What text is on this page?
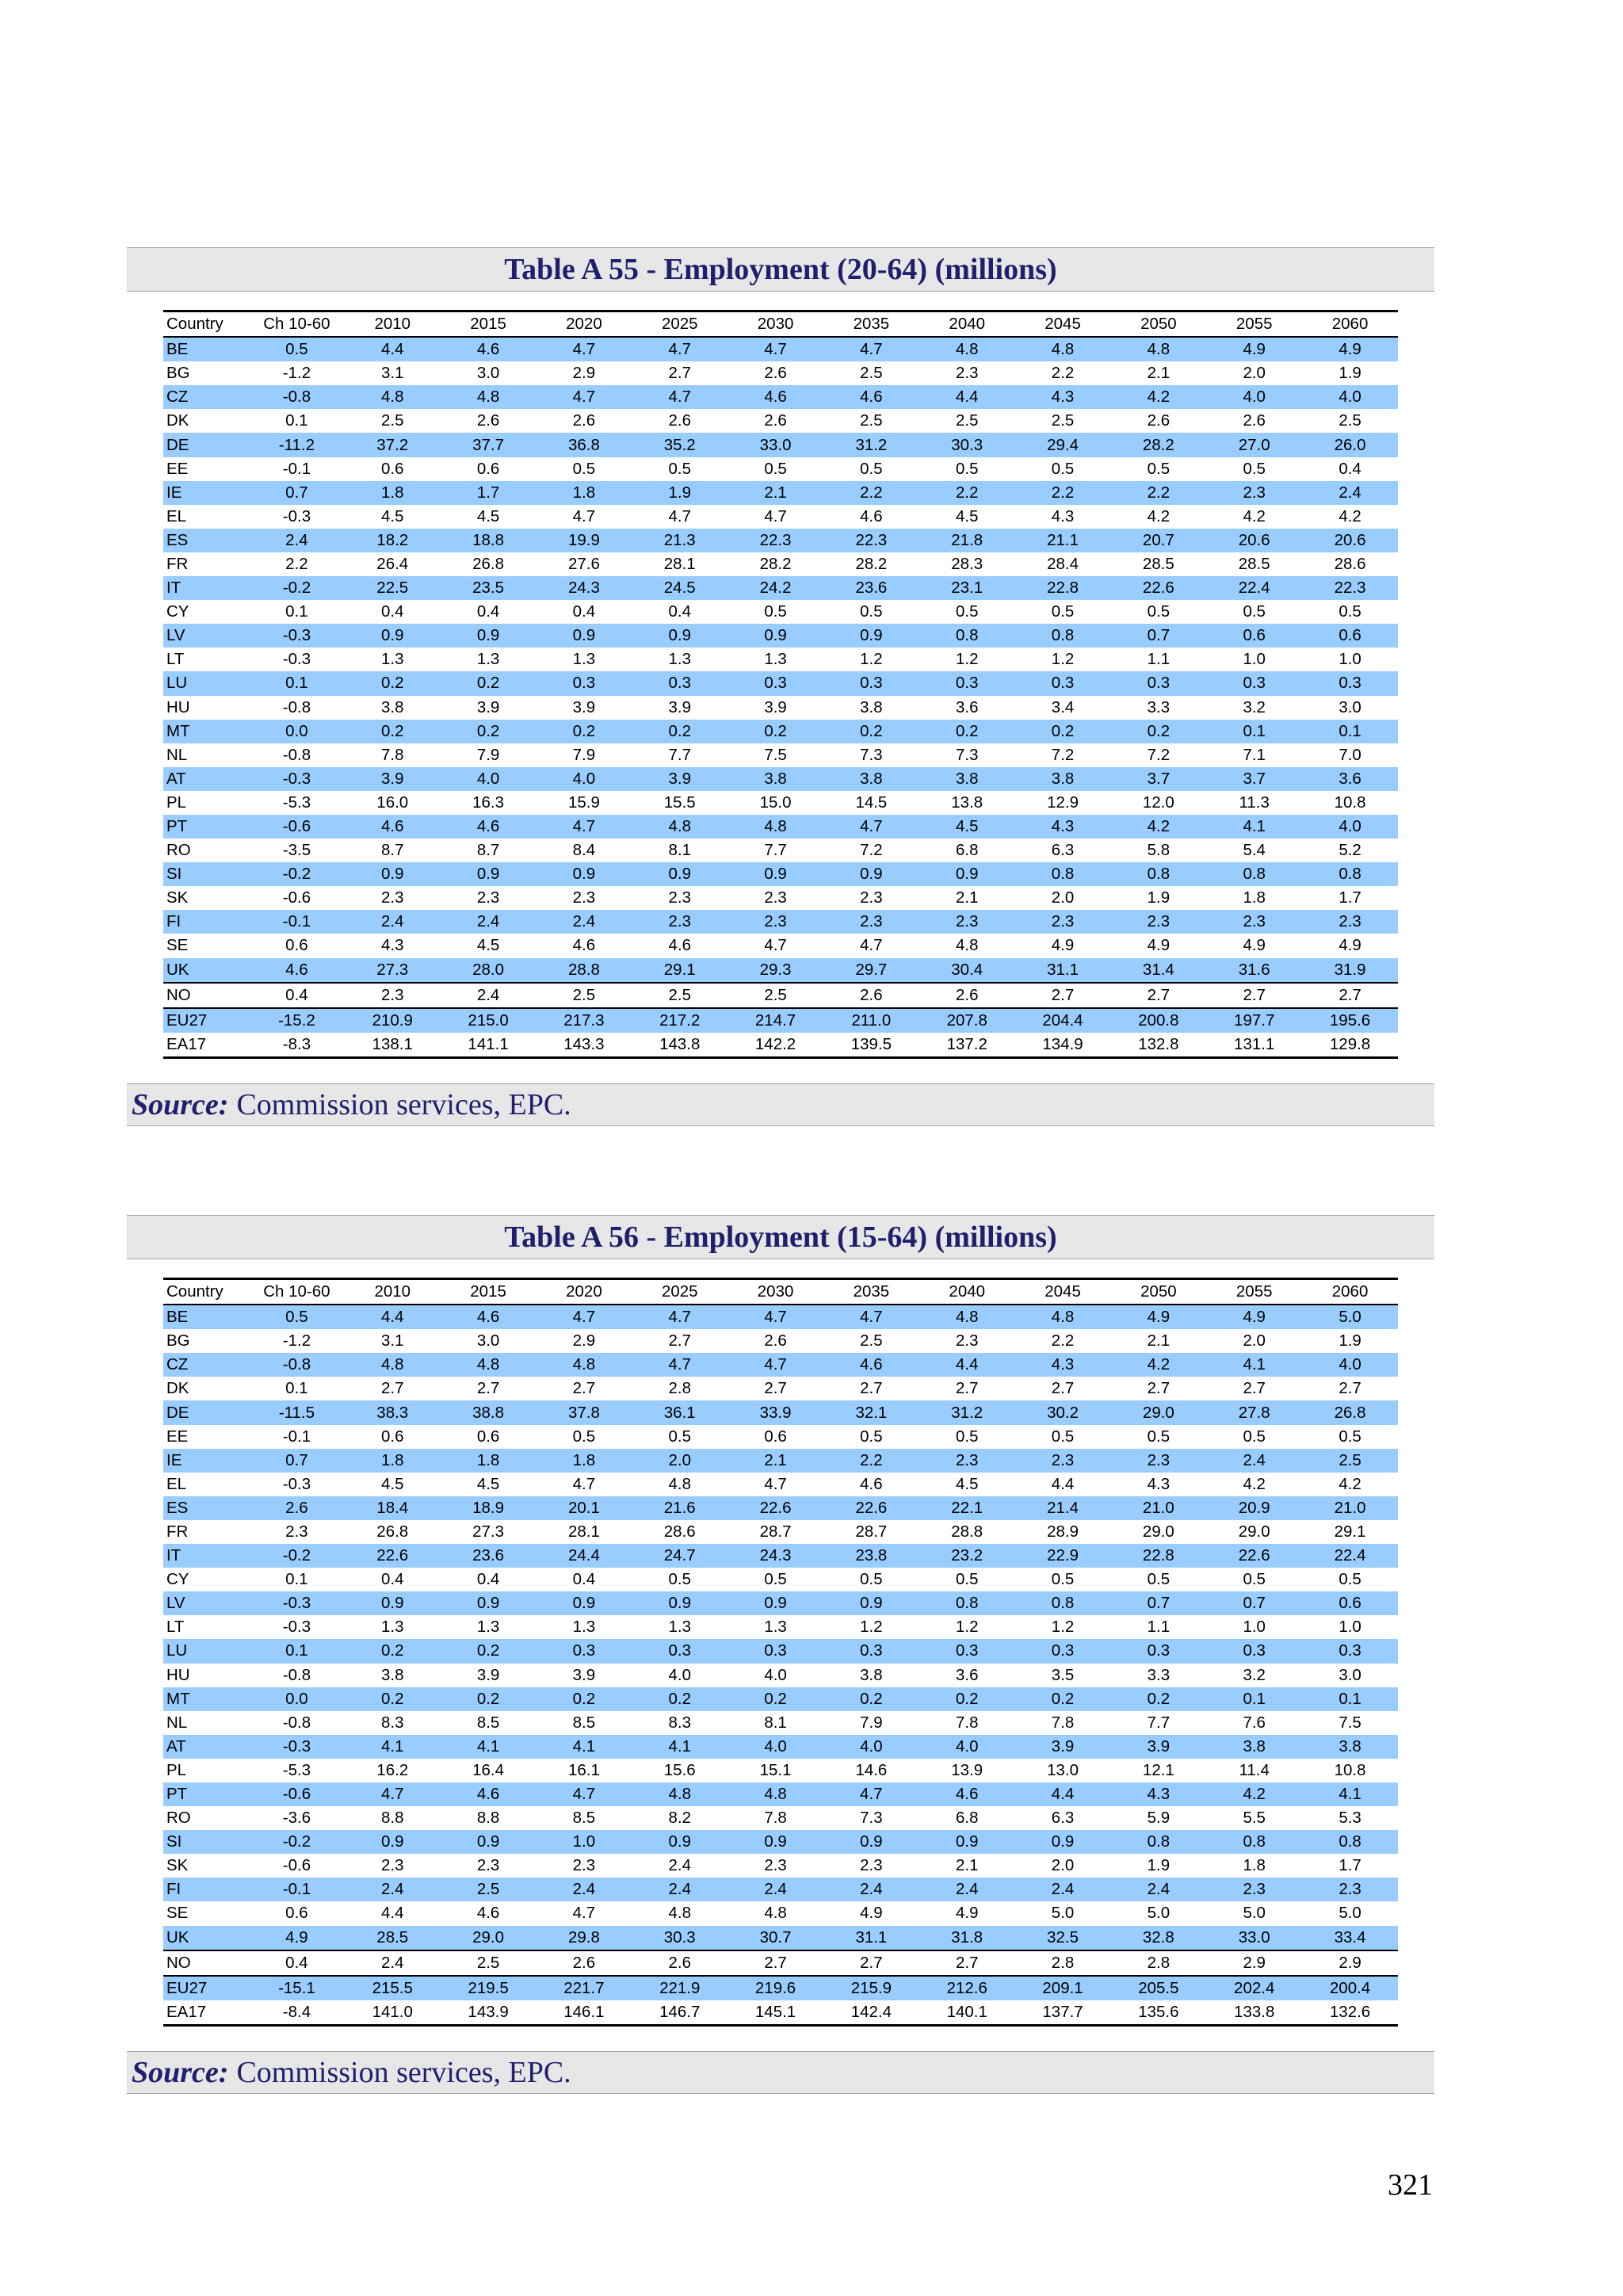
Table A 55 - Employment (20-64) (millions)
Country	Ch 10-60	2010	2015	2020	2025	2030	2035	2040	2045	2050	2055	2060
BE	0.5	4.4	4.6	4.7	4.7	4.7	4.7	4.8	4.8	4.8	4.9	4.9
BG	-1.2	3.1	3.0	2.9	2.7	2.6	2.5	2.3	2.2	2.1	2.0	1.9
CZ	-0.8	4.8	4.8	4.7	4.7	4.6	4.6	4.4	4.3	4.2	4.0	4.0
DK	0.1	2.5	2.6	2.6	2.6	2.6	2.5	2.5	2.5	2.6	2.6	2.5
DE	-11.2	37.2	37.7	36.8	35.2	33.0	31.2	30.3	29.4	28.2	27.0	26.0
EE	-0.1	0.6	0.6	0.5	0.5	0.5	0.5	0.5	0.5	0.5	0.5	0.4
IE	0.7	1.8	1.7	1.8	1.9	2.1	2.2	2.2	2.2	2.2	2.3	2.4
EL	-0.3	4.5	4.5	4.7	4.7	4.7	4.6	4.5	4.3	4.2	4.2	4.2
ES	2.4	18.2	18.8	19.9	21.3	22.3	22.3	21.8	21.1	20.7	20.6	20.6
FR	2.2	26.4	26.8	27.6	28.1	28.2	28.2	28.3	28.4	28.5	28.5	28.6
IT	-0.2	22.5	23.5	24.3	24.5	24.2	23.6	23.1	22.8	22.6	22.4	22.3
CY	0.1	0.4	0.4	0.4	0.4	0.5	0.5	0.5	0.5	0.5	0.5	0.5
LV	-0.3	0.9	0.9	0.9	0.9	0.9	0.9	0.8	0.8	0.7	0.6	0.6
LT	-0.3	1.3	1.3	1.3	1.3	1.3	1.2	1.2	1.2	1.1	1.0	1.0
LU	0.1	0.2	0.2	0.3	0.3	0.3	0.3	0.3	0.3	0.3	0.3	0.3
HU	-0.8	3.8	3.9	3.9	3.9	3.9	3.8	3.6	3.4	3.3	3.2	3.0
MT	0.0	0.2	0.2	0.2	0.2	0.2	0.2	0.2	0.2	0.2	0.1	0.1
NL	-0.8	7.8	7.9	7.9	7.7	7.5	7.3	7.3	7.2	7.2	7.1	7.0
AT	-0.3	3.9	4.0	4.0	3.9	3.8	3.8	3.8	3.8	3.7	3.7	3.6
PL	-5.3	16.0	16.3	15.9	15.5	15.0	14.5	13.8	12.9	12.0	11.3	10.8
PT	-0.6	4.6	4.6	4.7	4.8	4.8	4.7	4.5	4.3	4.2	4.1	4.0
RO	-3.5	8.7	8.7	8.4	8.1	7.7	7.2	6.8	6.3	5.8	5.4	5.2
SI	-0.2	0.9	0.9	0.9	0.9	0.9	0.9	0.9	0.8	0.8	0.8	0.8
SK	-0.6	2.3	2.3	2.3	2.3	2.3	2.3	2.1	2.0	1.9	1.8	1.7
FI	-0.1	2.4	2.4	2.4	2.3	2.3	2.3	2.3	2.3	2.3	2.3	2.3
SE	0.6	4.3	4.5	4.6	4.6	4.7	4.7	4.8	4.9	4.9	4.9	4.9
UK	4.6	27.3	28.0	28.8	29.1	29.3	29.7	30.4	31.1	31.4	31.6	31.9
NO	0.4	2.3	2.4	2.5	2.5	2.5	2.6	2.6	2.7	2.7	2.7	2.7
EU27	-15.2	210.9	215.0	217.3	217.2	214.7	211.0	207.8	204.4	200.8	197.7	195.6
EA17	-8.3	138.1	141.1	143.3	143.8	142.2	139.5	137.2	134.9	132.8	131.1	129.8
Source: Commission services, EPC.
Table A 56 - Employment (15-64) (millions)
Country	Ch 10-60	2010	2015	2020	2025	2030	2035	2040	2045	2050	2055	2060
BE	0.5	4.4	4.6	4.7	4.7	4.7	4.7	4.8	4.8	4.9	4.9	5.0
BG	-1.2	3.1	3.0	2.9	2.7	2.6	2.5	2.3	2.2	2.1	2.0	1.9
CZ	-0.8	4.8	4.8	4.8	4.7	4.7	4.6	4.4	4.3	4.2	4.1	4.0
DK	0.1	2.7	2.7	2.7	2.8	2.7	2.7	2.7	2.7	2.7	2.7	2.7
DE	-11.5	38.3	38.8	37.8	36.1	33.9	32.1	31.2	30.2	29.0	27.8	26.8
EE	-0.1	0.6	0.6	0.5	0.5	0.6	0.5	0.5	0.5	0.5	0.5	0.5
IE	0.7	1.8	1.8	1.8	2.0	2.1	2.2	2.3	2.3	2.3	2.4	2.5
EL	-0.3	4.5	4.5	4.7	4.8	4.7	4.6	4.5	4.4	4.3	4.2	4.2
ES	2.6	18.4	18.9	20.1	21.6	22.6	22.6	22.1	21.4	21.0	20.9	21.0
FR	2.3	26.8	27.3	28.1	28.6	28.7	28.7	28.8	28.9	29.0	29.0	29.1
IT	-0.2	22.6	23.6	24.4	24.7	24.3	23.8	23.2	22.9	22.8	22.6	22.4
CY	0.1	0.4	0.4	0.4	0.5	0.5	0.5	0.5	0.5	0.5	0.5	0.5
LV	-0.3	0.9	0.9	0.9	0.9	0.9	0.9	0.8	0.8	0.7	0.7	0.6
LT	-0.3	1.3	1.3	1.3	1.3	1.3	1.2	1.2	1.2	1.1	1.0	1.0
LU	0.1	0.2	0.2	0.3	0.3	0.3	0.3	0.3	0.3	0.3	0.3	0.3
HU	-0.8	3.8	3.9	3.9	4.0	4.0	3.8	3.6	3.5	3.3	3.2	3.0
MT	0.0	0.2	0.2	0.2	0.2	0.2	0.2	0.2	0.2	0.2	0.1	0.1
NL	-0.8	8.3	8.5	8.5	8.3	8.1	7.9	7.8	7.8	7.7	7.6	7.5
AT	-0.3	4.1	4.1	4.1	4.1	4.0	4.0	4.0	3.9	3.9	3.8	3.8
PL	-5.3	16.2	16.4	16.1	15.6	15.1	14.6	13.9	13.0	12.1	11.4	10.8
PT	-0.6	4.7	4.6	4.7	4.8	4.8	4.7	4.6	4.4	4.3	4.2	4.1
RO	-3.6	8.8	8.8	8.5	8.2	7.8	7.3	6.8	6.3	5.9	5.5	5.3
SI	-0.2	0.9	0.9	1.0	0.9	0.9	0.9	0.9	0.9	0.8	0.8	0.8
SK	-0.6	2.3	2.3	2.3	2.4	2.3	2.3	2.1	2.0	1.9	1.8	1.7
FI	-0.1	2.4	2.5	2.4	2.4	2.4	2.4	2.4	2.4	2.4	2.3	2.3
SE	0.6	4.4	4.6	4.7	4.8	4.8	4.9	4.9	5.0	5.0	5.0	5.0
UK	4.9	28.5	29.0	29.8	30.3	30.7	31.1	31.8	32.5	32.8	33.0	33.4
NO	0.4	2.4	2.5	2.6	2.6	2.7	2.7	2.7	2.8	2.8	2.9	2.9
EU27	-15.1	215.5	219.5	221.7	221.9	219.6	215.9	212.6	209.1	205.5	202.4	200.4
EA17	-8.4	141.0	143.9	146.1	146.7	145.1	142.4	140.1	137.7	135.6	133.8	132.6
Source: Commission services, EPC.
321
